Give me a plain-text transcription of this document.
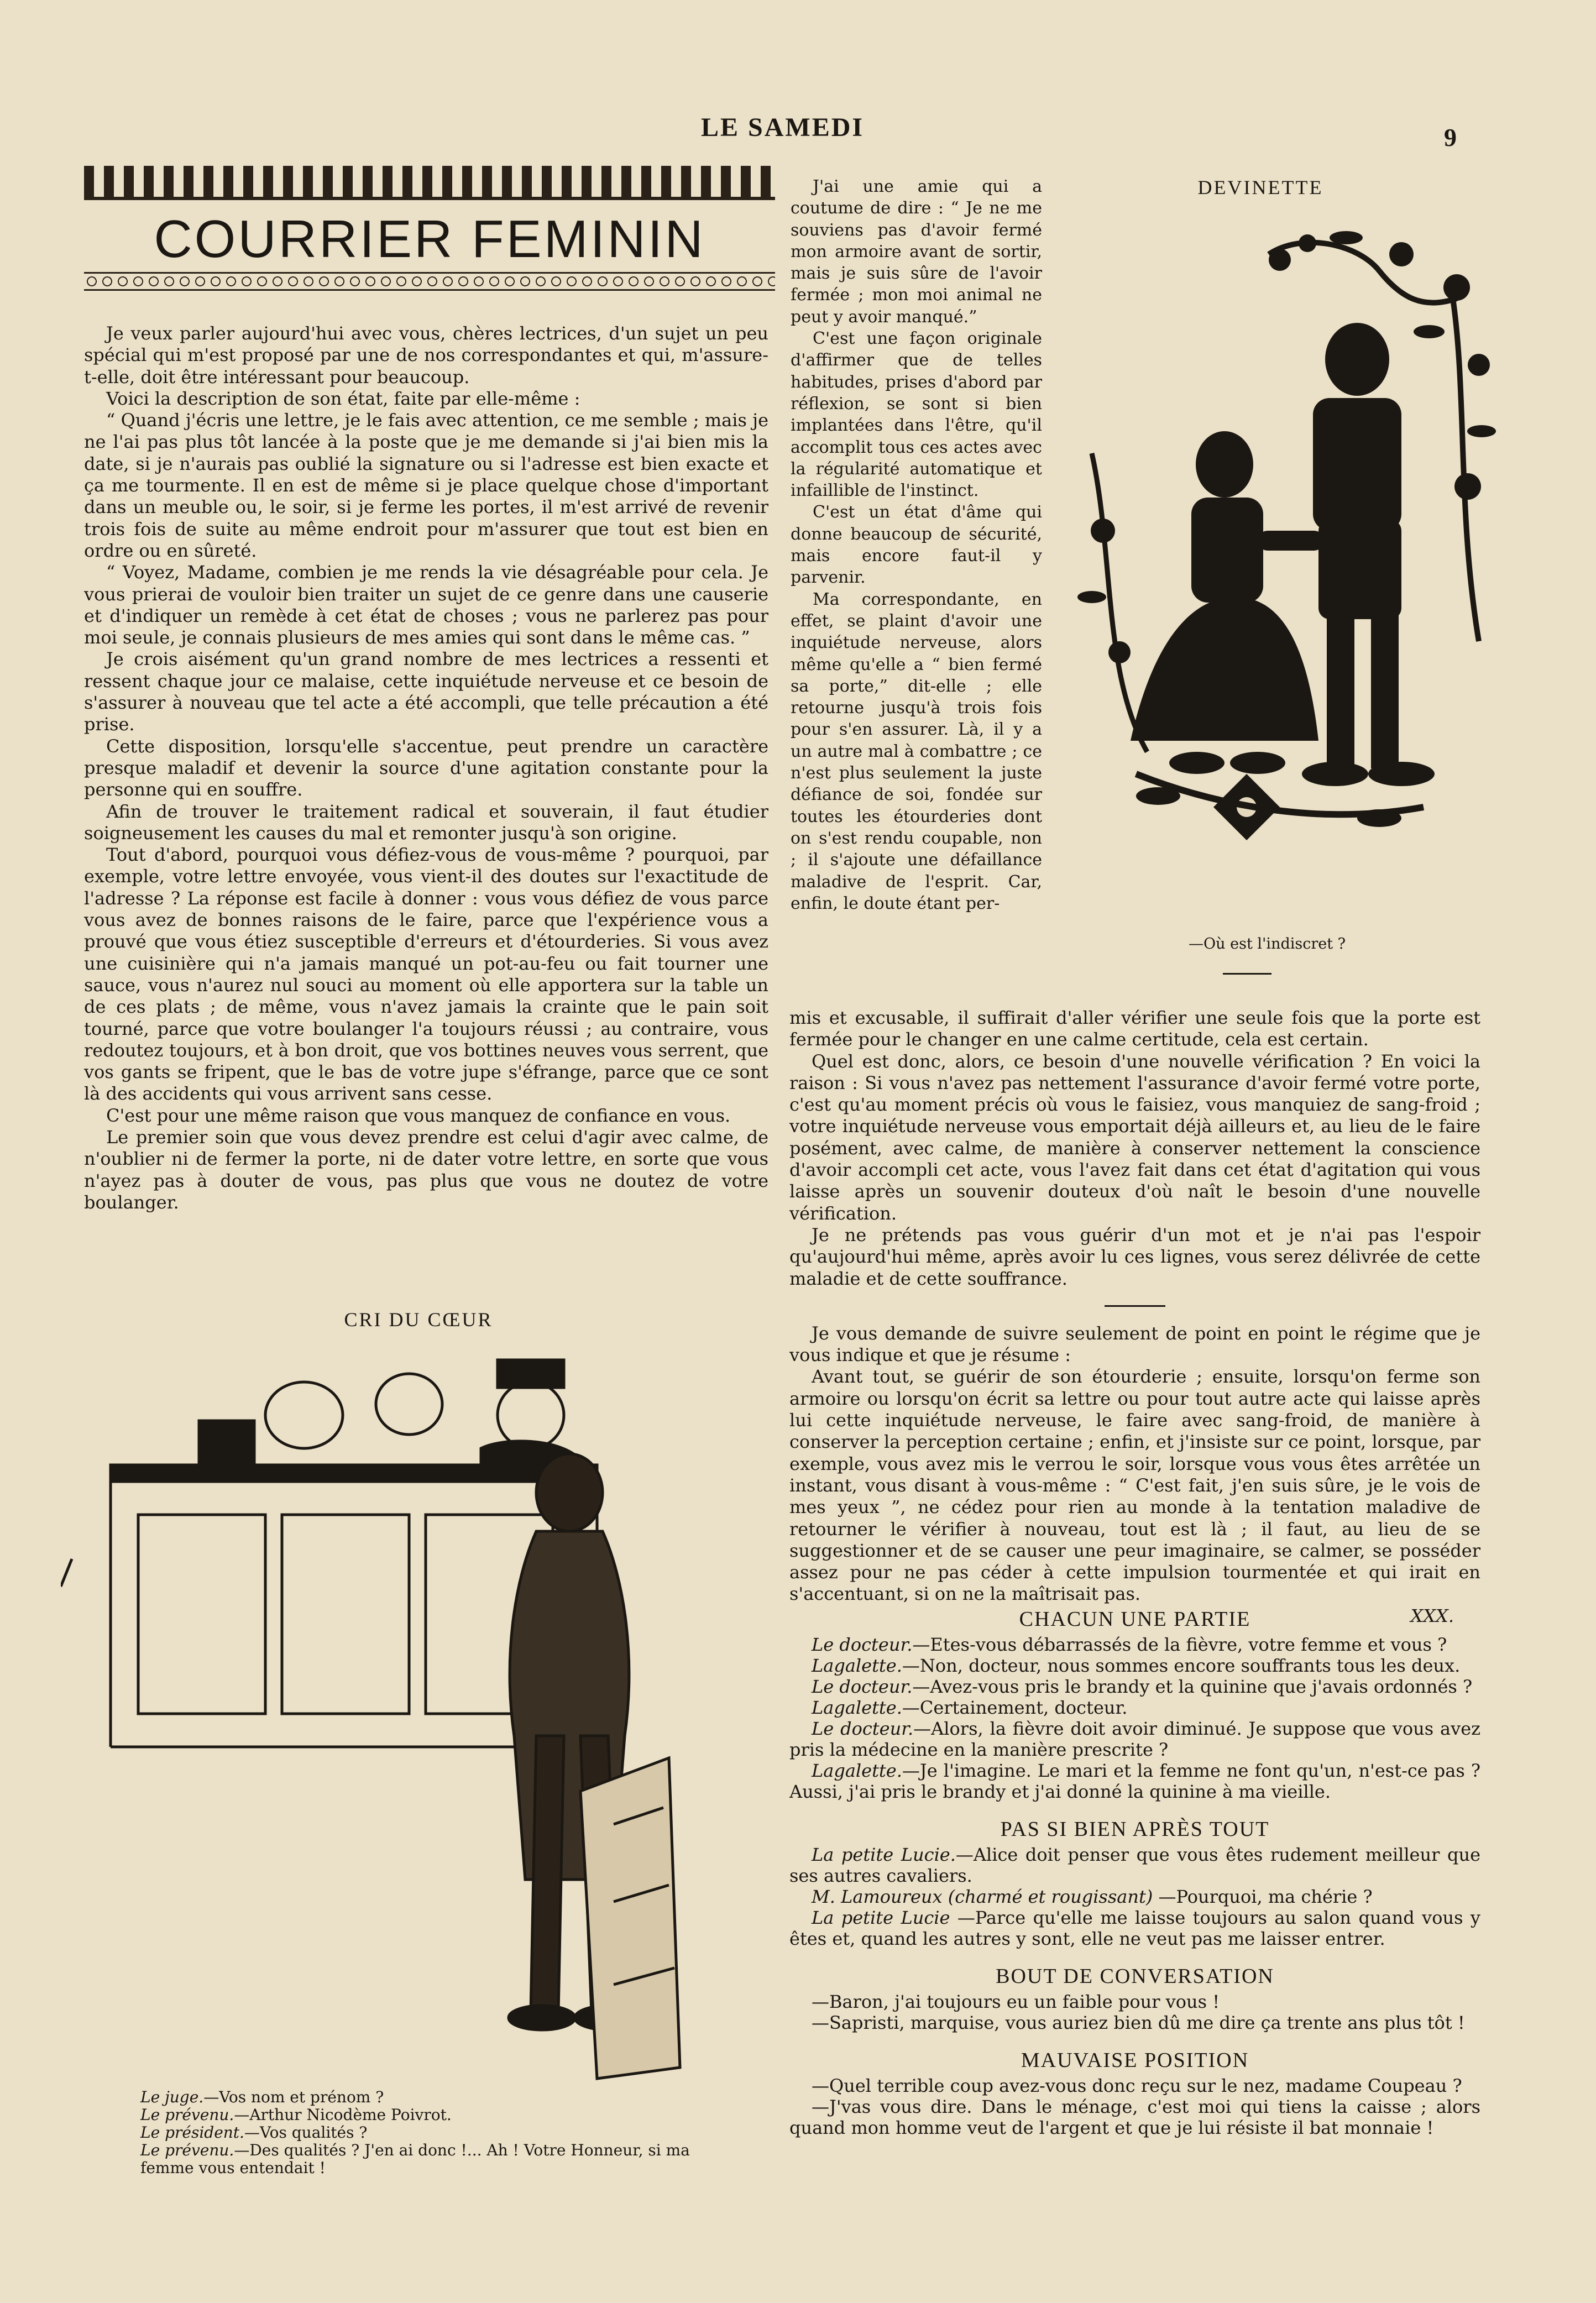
LE SAMEDI	9
COURRIER FEMININ

Je veux parler aujourd'hui avec vous, chères lectrices, d'un sujet un peu spécial qui m'est proposé par une de nos correspondantes et qui, m'assure-t-elle, doit être intéressant pour beaucoup.

Voici la description de son état, faite par elle-même :

“ Quand j'écris une lettre, je le fais avec attention, ce me semble ; mais je ne l'ai pas plus tôt lancée à la poste que je me demande si j'ai bien mis la date, si je n'aurais pas oublié la signature ou si l'adresse est bien exacte et ça me tourmente. Il en est de même si je place quelque chose d'important dans un meuble ou, le soir, si je ferme les portes, il m'est arrivé de revenir trois fois de suite au même endroit pour m'assurer que tout est bien en ordre ou en sûreté.

“ Voyez, Madame, combien je me rends la vie désagréable pour cela. Je vous prierai de vouloir bien traiter un sujet de ce genre dans une causerie et d'indiquer un remède à cet état de choses ; vous ne parlerez pas pour moi seule, je connais plusieurs de mes amies qui sont dans le même cas. ”

Je crois aisément qu'un grand nombre de mes lectrices a ressenti et ressent chaque jour ce malaise, cette inquiétude nerveuse et ce besoin de s'assurer à nouveau que tel acte a été accompli, que telle précaution a été prise.

Cette disposition, lorsqu'elle s'accentue, peut prendre un caractère presque maladif et devenir la source d'une agitation constante pour la personne qui en souffre.

Afin de trouver le traitement radical et souverain, il faut étudier soigneusement les causes du mal et remonter jusqu'à son origine.

Tout d'abord, pourquoi vous défiez-vous de vous-même ? pourquoi, par exemple, votre lettre envoyée, vous vient-il des doutes sur l'exactitude de l'adresse ? La réponse est facile à donner : vous vous défiez de vous parce vous avez de bonnes raisons de le faire, parce que l'expérience vous a prouvé que vous étiez susceptible d'erreurs et d'étourderies. Si vous avez une cuisinière qui n'a jamais manqué un pot-au-feu ou fait tourner une sauce, vous n'aurez nul souci au moment où elle apportera sur la table un de ces plats ; de même, vous n'avez jamais la crainte que le pain soit tourné, parce que votre boulanger l'a toujours réussi ; au contraire, vous redoutez toujours, et à bon droit, que vos bottines neuves vous serrent, que vos gants se fripent, que le bas de votre jupe s'éfrange, parce que ce sont là des accidents qui vous arrivent sans cesse.

C'est pour une même raison que vous manquez de confiance en vous.

Le premier soin que vous devez prendre est celui d'agir avec calme, de n'oublier ni de fermer la porte, ni de dater votre lettre, en sorte que vous n'ayez pas à douter de vous, pas plus que vous ne doutez de votre boulanger.

J'ai une amie qui a coutume de dire : “ Je ne me souviens pas d'avoir fermé mon armoire avant de sortir, mais je suis sûre de l'avoir fermée ; mon moi animal ne peut y avoir manqué.”

C'est une façon originale d'affirmer que de telles habitudes, prises d'abord par réflexion, se sont si bien implantées dans l'être, qu'il accomplit tous ces actes avec la régularité automatique et infaillible de l'instinct.

C'est un état d'âme qui donne beaucoup de sécurité, mais encore faut-il y parvenir.

Ma correspondante, en effet, se plaint d'avoir une inquiétude nerveuse, alors même qu'elle a “ bien fermé sa porte,” dit-elle ; elle retourne jusqu'à trois fois pour s'en assurer. Là, il y a un autre mal à combattre ; ce n'est plus seulement la juste défiance de soi, fondée sur toutes les étourderies dont on s'est rendu coupable, non ; il s'ajoute une défaillance maladive de l'esprit. Car, enfin, le doute étant per-

DEVINETTE
—Où est l'indiscret ?

mis et excusable, il suffirait d'aller vérifier une seule fois que la porte est fermée pour le changer en une calme certitude, cela est certain.

Quel est donc, alors, ce besoin d'une nouvelle vérification ? En voici la raison : Si vous n'avez pas nettement l'assurance d'avoir fermé votre porte, c'est qu'au moment précis où vous le faisiez, vous manquiez de sang-froid ; votre inquiétude nerveuse vous emportait déjà ailleurs et, au lieu de le faire posément, avec calme, de manière à conserver nettement la conscience d'avoir accompli cet acte, vous l'avez fait dans cet état d'agitation qui vous laisse après un souvenir douteux d'où naît le besoin d'une nouvelle vérification.

Je ne prétends pas vous guérir d'un mot et je n'ai pas l'espoir qu'aujourd'hui même, après avoir lu ces lignes, vous serez délivrée de cette maladie et de cette souffrance.

Je vous demande de suivre seulement de point en point le régime que je vous indique et que je résume :

Avant tout, se guérir de son étourderie ; ensuite, lorsqu'on ferme son armoire ou lorsqu'on écrit sa lettre ou pour tout autre acte qui laisse après lui cette inquiétude nerveuse, le faire avec sang-froid, de manière à conserver la perception certaine ; enfin, et j'insiste sur ce point, lorsque, par exemple, vous avez mis le verrou le soir, lorsque vous vous êtes arrêtée un instant, vous disant à vous-même : “ C'est fait, j'en suis sûre, je le vois de mes yeux ”, ne cédez pour rien au monde à la tentation maladive de retourner le vérifier à nouveau, tout est là ; il faut, au lieu de se suggestionner et de se causer une peur imaginaire, se calmer, se posséder assez pour ne pas céder à cette impulsion tourmentée et qui irait en s'accentuant, si on ne la maîtrisait pas.

XXX.
CRI DU CŒUR

Le juge.—Vos nom et prénom ?

Le prévenu.—Arthur Nicodème Poivrot.

Le président.—Vos qualités ?

Le prévenu.—Des qualités ? J'en ai donc !... Ah ! Votre Honneur, si ma femme vous entendait !

CHACUN UNE PARTIE

Le docteur.—Etes-vous débarrassés de la fièvre, votre femme et vous ?

Lagalette.—Non, docteur, nous sommes encore souffrants tous les deux.

Le docteur.—Avez-vous pris le brandy et la quinine que j'avais ordonnés ?

Lagalette.—Certainement, docteur.

Le docteur.—Alors, la fièvre doit avoir diminué. Je suppose que vous avez pris la médecine en la manière prescrite ?

Lagalette.—Je l'imagine. Le mari et la femme ne font qu'un, n'est-ce pas ? Aussi, j'ai pris le brandy et j'ai donné la quinine à ma vieille.

PAS SI BIEN APRÈS TOUT

La petite Lucie.—Alice doit penser que vous êtes rudement meilleur que ses autres cavaliers.

M. Lamoureux (charmé et rougissant) —Pourquoi, ma chérie ?

La petite Lucie —Parce qu'elle me laisse toujours au salon quand vous y êtes et, quand les autres y sont, elle ne veut pas me laisser entrer.

BOUT DE CONVERSATION

—Baron, j'ai toujours eu un faible pour vous !

—Sapristi, marquise, vous auriez bien dû me dire ça trente ans plus tôt !

MAUVAISE POSITION

—Quel terrible coup avez-vous donc reçu sur le nez, madame Coupeau ?

—J'vas vous dire. Dans le ménage, c'est moi qui tiens la caisse ; alors quand mon homme veut de l'argent et que je lui résiste il bat monnaie !
